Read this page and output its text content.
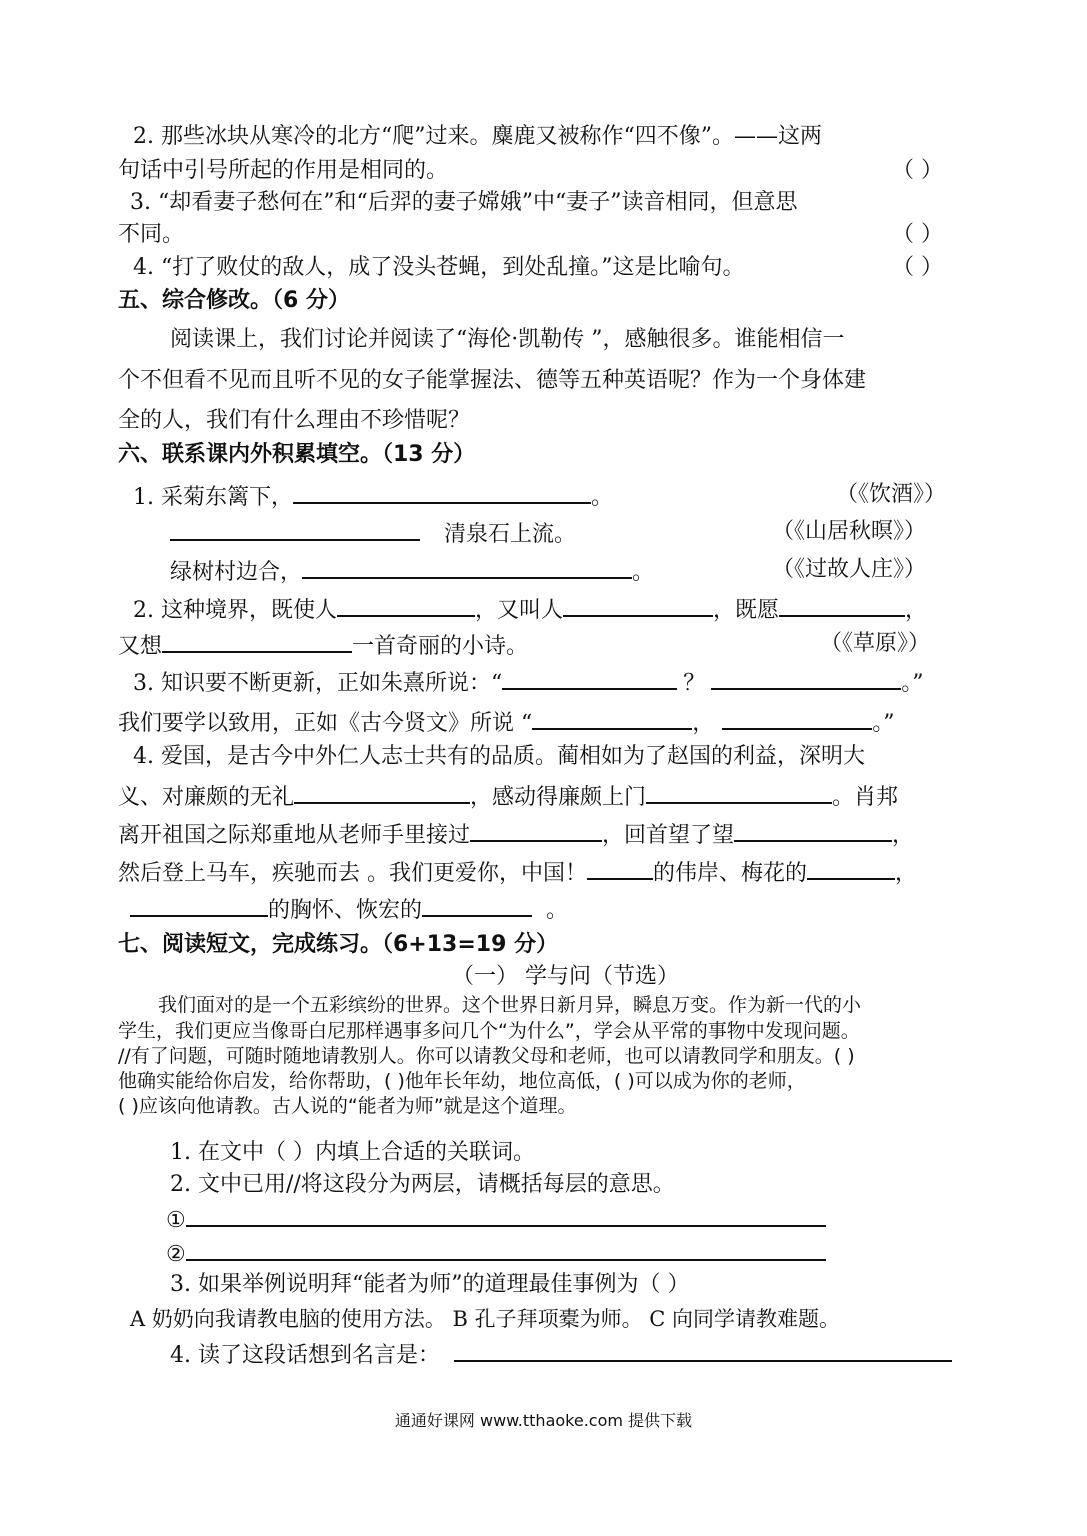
2. 那些冰块从寒冷的北方“爬”过来。麋鹿又被称作“四不像”。——这两
句话中引号所起的作用是相同的。	（ ）
3. “却看妻子愁何在”和“后羿的妻子嫦娥”中“妻子”读音相同，但意思
不同。	（ ）
4. “打了败仗的敌人，成了没头苍蝇，到处乱撞。”这是比喻句。	（ ）
五、综合修改。（6 分）
阅读课上，我们讨论并阅读了“海伦·凯勒传 ”，感触很多。谁能相信一
个不但看不见而且听不见的女子能掌握法、德等五种英语呢？作为一个身体建
全的人，我们有什么理由不珍惜呢？
六、联系课内外积累填空。（13 分）
1. 采菊东篱下，	。	（《饮酒》）
清泉石上流。	（《山居秋暝》）
绿树村边合，	。	（《过故人庄》）
2. 这种境界，既使人	，又叫人	，既愿	，
又想	一首奇丽的小诗。	（《草原》）
3. 知识要不断更新，正如朱熹所说：“	？	。”
我们要学以致用，正如《古今贤文》所说 “	，	。”
4. 爱国，是古今中外仁人志士共有的品质。蔺相如为了赵国的利益，深明大
义、对廉颇的无礼	，感动得廉颇上门	。肖邦
离开祖国之际郑重地从老师手里接过	，回首望了望	，
然后登上马车，疾驰而去 。我们更爱你，中国！	的伟岸、梅花的	，
的胸怀、恢宏的	。
七、阅读短文，完成练习。（6+13=19 分）
（一） 学与问（节选）
我们面对的是一个五彩缤纷的世界。这个世界日新月异，瞬息万变。作为新一代的小
学生，我们更应当像哥白尼那样遇事多问几个“为什么”，学会从平常的事物中发现问题。
//有了问题，可随时随地请教别人。你可以请教父母和老师，也可以请教同学和朋友。( )
他确实能给你启发，给你帮助，( )他年长年幼，地位高低，( )可以成为你的老师，
( )应该向他请教。古人说的“能者为师”就是这个道理。
1. 在文中（ ）内填上合适的关联词。
2. 文中已用//将这段分为两层，请概括每层的意思。
①
②
3. 如果举例说明拜“能者为师”的道理最佳事例为（ ）
A 奶奶向我请教电脑的使用方法。 B 孔子拜项橐为师。 C 向同学请教难题。
4. 读了这段话想到名言是：
通通好课网 www.tthaoke.com 提供下载
